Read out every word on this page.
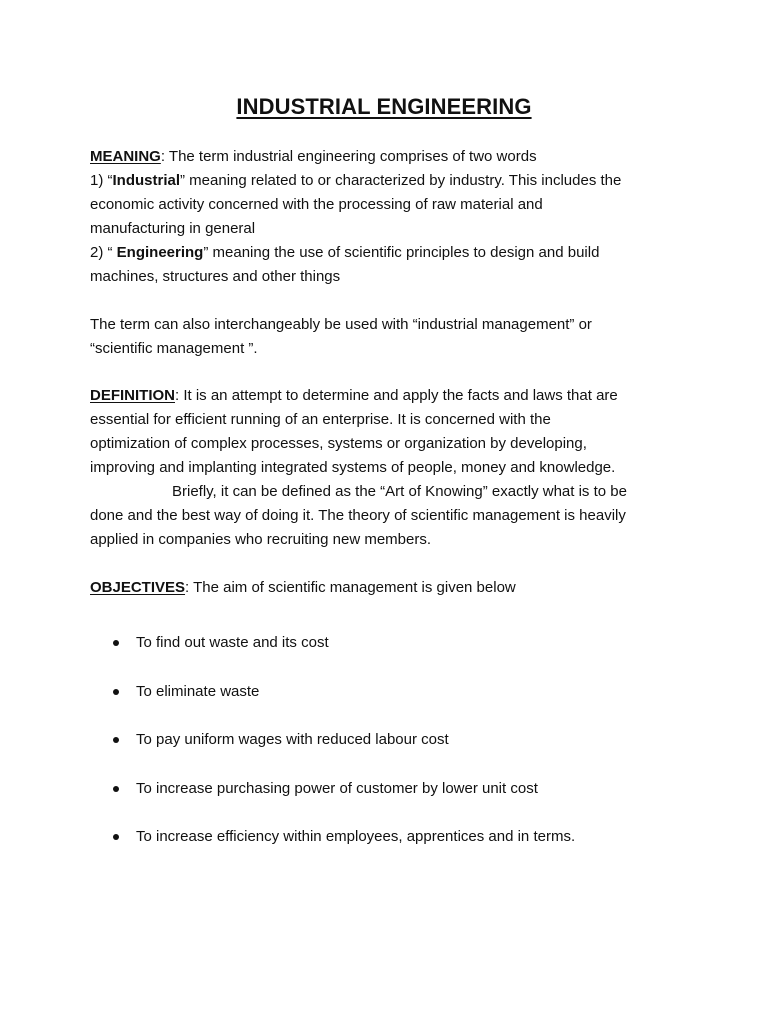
INDUSTRIAL ENGINEERING
MEANING: The term industrial engineering comprises of two words
1) “Industrial” meaning related to or characterized by industry. This includes the
economic activity concerned with the processing of raw material and
manufacturing in general
2) “ Engineering” meaning the use of scientific principles to design and build
machines, structures and other things
The term can also interchangeably be used with “industrial management” or
“scientific management ”.
DEFINITION: It is an attempt to determine and apply the facts and laws that are
essential for efficient running of an enterprise. It is concerned with the
optimization of complex processes, systems or organization by developing,
improving and implanting integrated systems of people, money and knowledge.
Briefly, it can be defined as the “Art of Knowing” exactly what is to be
done and the best way of doing it. The theory of scientific management is heavily
applied in companies who recruiting new members.
OBJECTIVES: The aim of scientific management is given below
To find out waste and its cost
To eliminate waste
To pay uniform wages with reduced labour cost
To increase purchasing power of customer by lower unit cost
To increase efficiency within employees, apprentices and in terms.
